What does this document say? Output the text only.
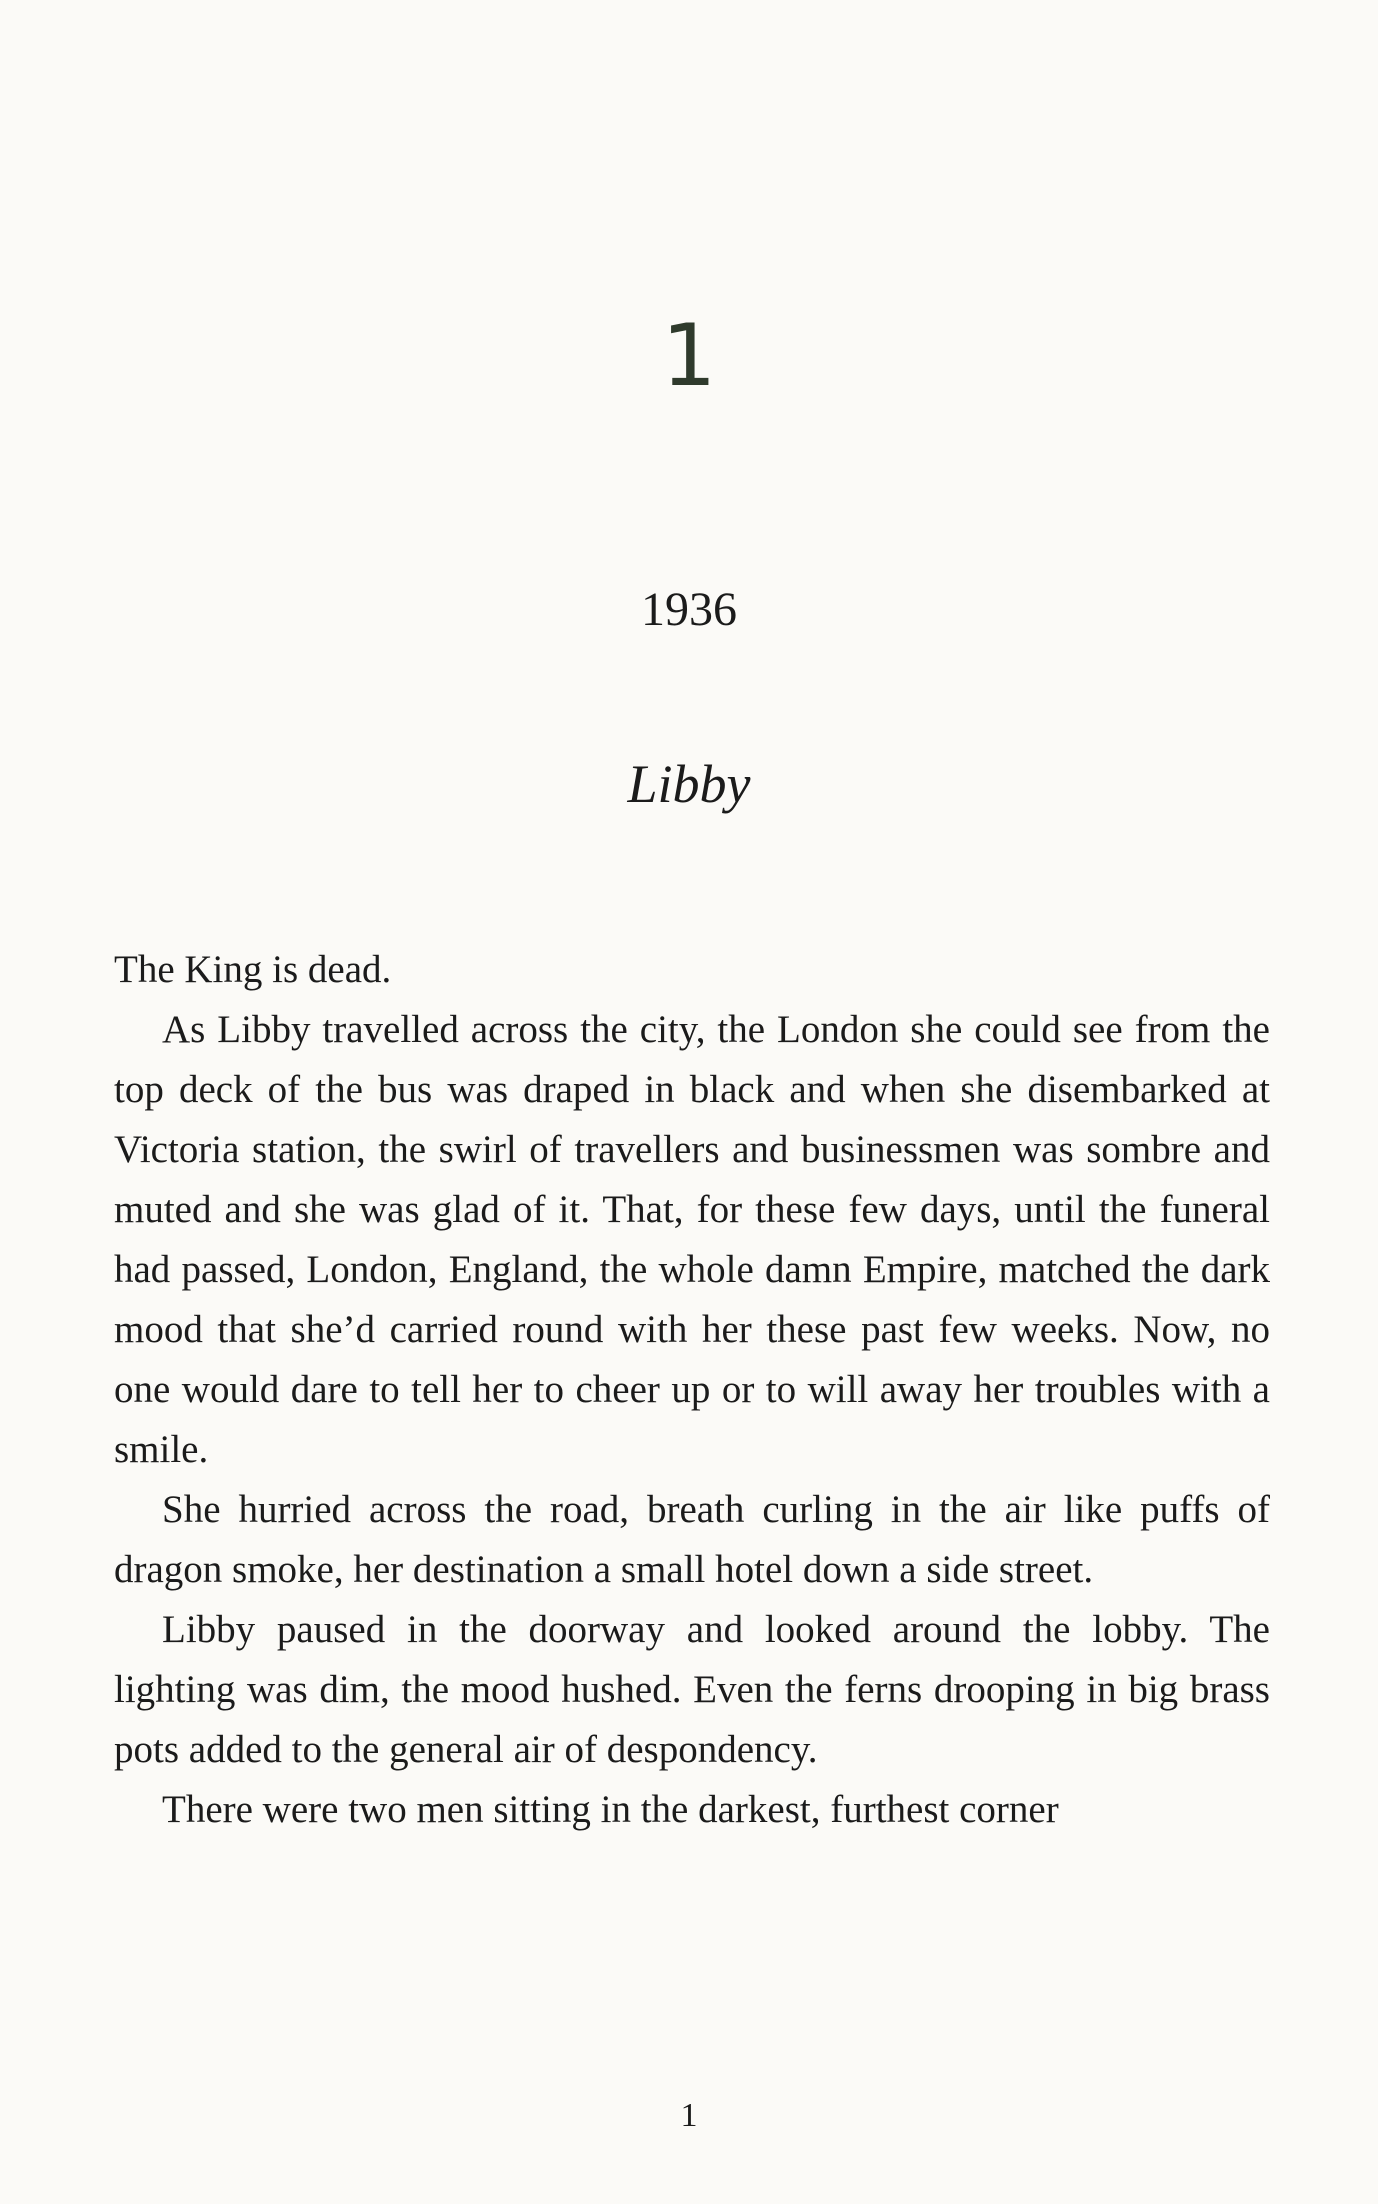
1
1936
Libby

The King is dead.

As Libby travelled across the city, the London she could see from the top deck of the bus was draped in black and when she disembarked at Victoria station, the swirl of travellers and businessmen was sombre and muted and she was glad of it. That, for these few days, until the funeral had passed, London, England, the whole damn Empire, matched the dark mood that she’d carried round with her these past few weeks. Now, no one would dare to tell her to cheer up or to will away her troubles with a smile.

She hurried across the road, breath curling in the air like puffs of dragon smoke, her destination a small hotel down a side street.

Libby paused in the doorway and looked around the lobby. The lighting was dim, the mood hushed. Even the ferns drooping in big brass pots added to the general air of despondency.

There were two men sitting in the darkest, furthest corner

1
